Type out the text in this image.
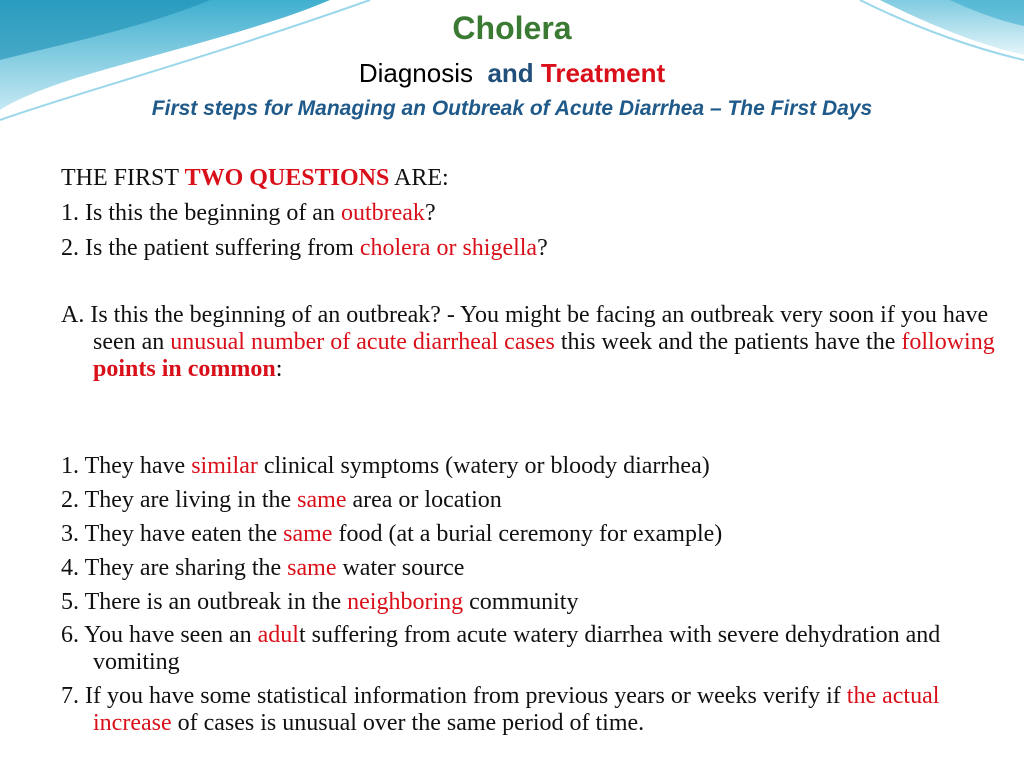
Cholera
Diagnosis and Treatment
First steps for Managing an Outbreak of Acute Diarrhea – The First Days
THE FIRST TWO QUESTIONS ARE:
1. Is this the beginning of an outbreak?
2. Is the patient suffering from cholera or shigella?
A. Is this the beginning of an outbreak? - You might be facing an outbreak very soon if you have seen an unusual number of acute diarrheal cases this week and the patients have the following points in common:
1. They have similar clinical symptoms (watery or bloody diarrhea)
2. They are living in the same area or location
3. They have eaten the same food (at a burial ceremony for example)
4. They are sharing the same water source
5. There is an outbreak in the neighboring community
6. You have seen an adult suffering from acute watery diarrhea with severe dehydration and vomiting
7. If you have some statistical information from previous years or weeks verify if the actual increase of cases is unusual over the same period of time.
